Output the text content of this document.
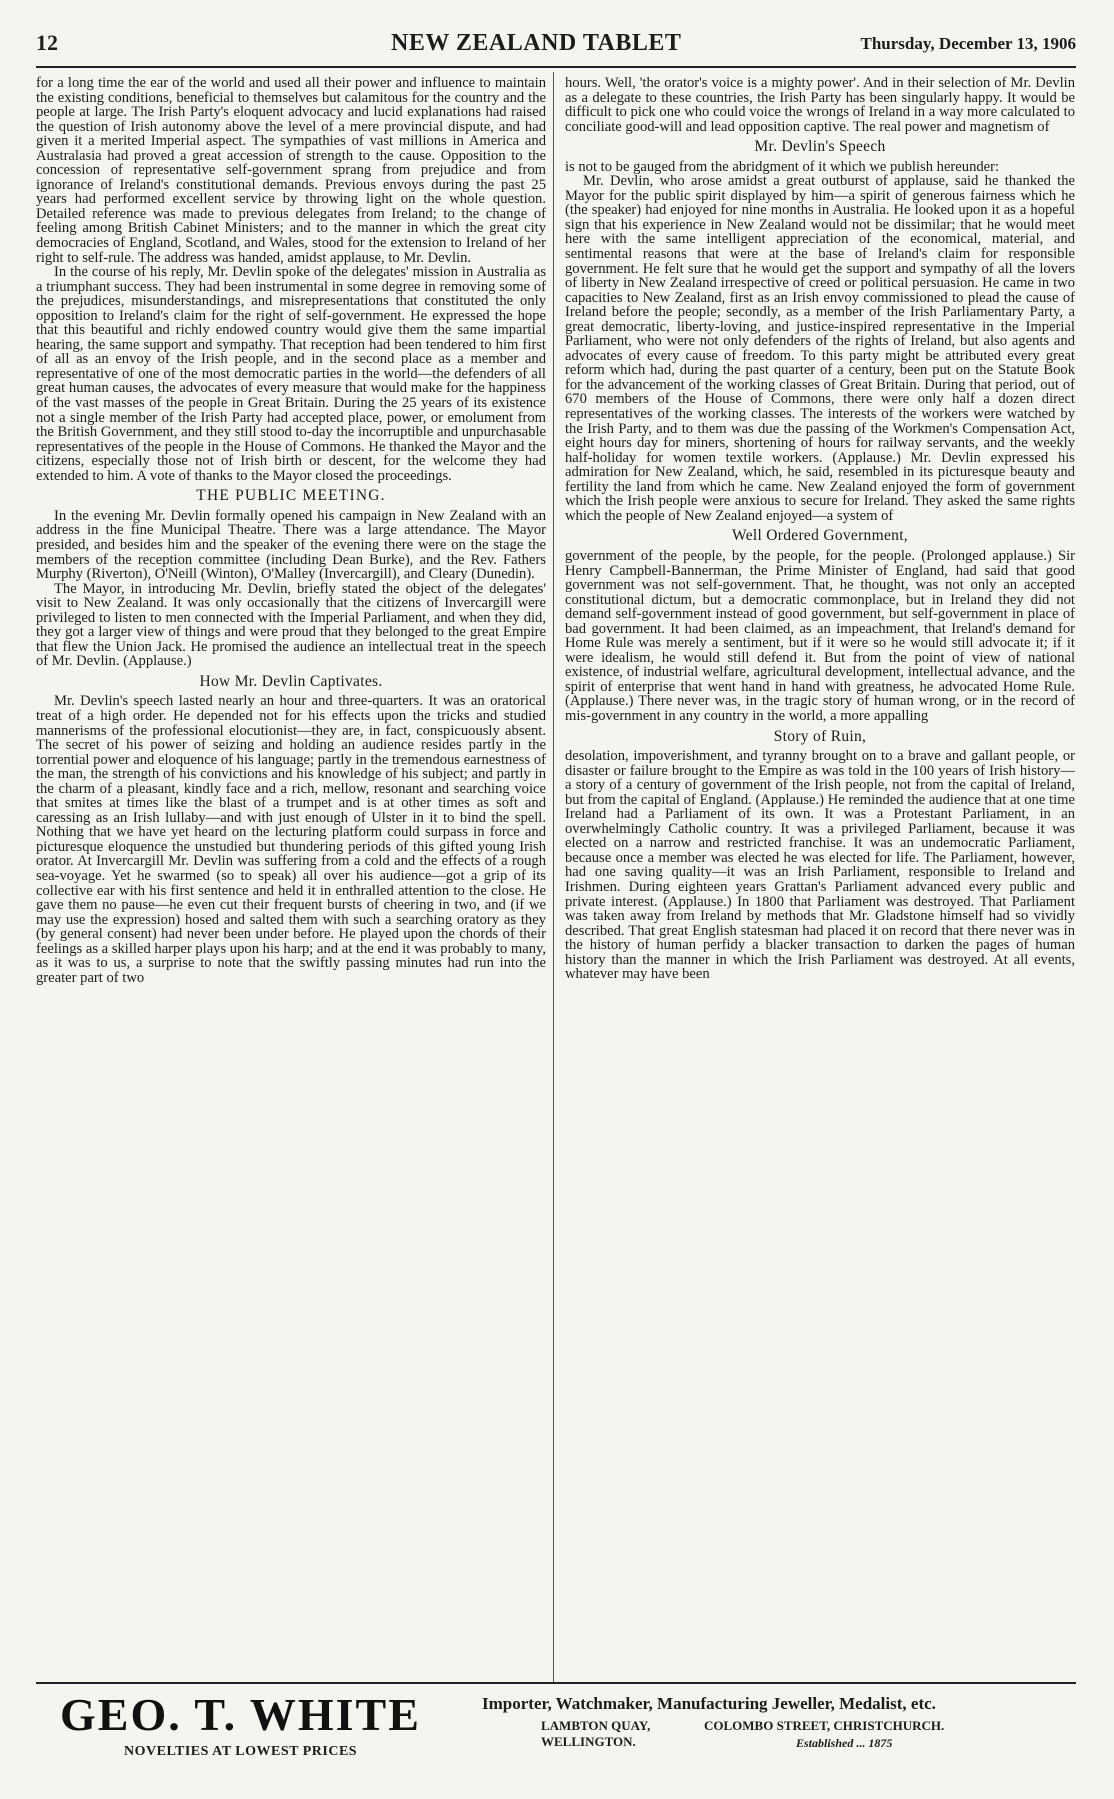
12	NEW ZEALAND TABLET	Thursday, December 13, 1906

for a long time the ear of the world and used all their power and influence to maintain the existing conditions, beneficial to themselves but calamitous for the country and the people at large. The Irish Party's eloquent advocacy and lucid explanations had raised the question of Irish autonomy above the level of a mere provincial dispute, and had given it a merited Imperial aspect. The sympathies of vast millions in America and Australasia had proved a great accession of strength to the cause. Opposition to the concession of representative self-government sprang from prejudice and from ignorance of Ireland's constitutional demands. Previous envoys during the past 25 years had performed excellent service by throwing light on the whole question. Detailed reference was made to previous delegates from Ireland; to the change of feeling among British Cabinet Ministers; and to the manner in which the great city democracies of England, Scotland, and Wales, stood for the extension to Ireland of her right to self-rule. The address was handed, amidst applause, to Mr. Devlin.

In the course of his reply, Mr. Devlin spoke of the delegates' mission in Australia as a triumphant success. They had been instrumental in some degree in removing some of the prejudices, misunderstandings, and misrepresentations that constituted the only opposition to Ireland's claim for the right of self-government. He expressed the hope that this beautiful and richly endowed country would give them the same impartial hearing, the same support and sympathy. That reception had been tendered to him first of all as an envoy of the Irish people, and in the second place as a member and representative of one of the most democratic parties in the world—the defenders of all great human causes, the advocates of every measure that would make for the happiness of the vast masses of the people in Great Britain. During the 25 years of its existence not a single member of the Irish Party had accepted place, power, or emolument from the British Government, and they still stood to-day the incorruptible and unpurchasable representatives of the people in the House of Commons. He thanked the Mayor and the citizens, especially those not of Irish birth or descent, for the welcome they had extended to him. A vote of thanks to the Mayor closed the proceedings.

THE PUBLIC MEETING.

In the evening Mr. Devlin formally opened his campaign in New Zealand with an address in the fine Municipal Theatre. There was a large attendance. The Mayor presided, and besides him and the speaker of the evening there were on the stage the members of the reception committee (including Dean Burke), and the Rev. Fathers Murphy (Riverton), O'Neill (Winton), O'Malley (Invercargill), and Cleary (Dunedin).

The Mayor, in introducing Mr. Devlin, briefly stated the object of the delegates' visit to New Zealand. It was only occasionally that the citizens of Invercargill were privileged to listen to men connected with the Imperial Parliament, and when they did, they got a larger view of things and were proud that they belonged to the great Empire that flew the Union Jack. He promised the audience an intellectual treat in the speech of Mr. Devlin. (Applause.)

How Mr. Devlin Captivates.

Mr. Devlin's speech lasted nearly an hour and three-quarters. It was an oratorical treat of a high order. He depended not for his effects upon the tricks and studied mannerisms of the professional elocutionist—they are, in fact, conspicuously absent. The secret of his power of seizing and holding an audience resides partly in the torrential power and eloquence of his language; partly in the tremendous earnestness of the man, the strength of his convictions and his knowledge of his subject; and partly in the charm of a pleasant, kindly face and a rich, mellow, resonant and searching voice that smites at times like the blast of a trumpet and is at other times as soft and caressing as an Irish lullaby—and with just enough of Ulster in it to bind the spell. Nothing that we have yet heard on the lecturing platform could surpass in force and picturesque eloquence the unstudied but thundering periods of this gifted young Irish orator. At Invercargill Mr. Devlin was suffering from a cold and the effects of a rough sea-voyage. Yet he swarmed (so to speak) all over his audience—got a grip of its collective ear with his first sentence and held it in enthralled attention to the close. He gave them no pause—he even cut their frequent bursts of cheering in two, and (if we may use the expression) hosed and salted them with such a searching oratory as they (by general consent) had never been under before. He played upon the chords of their feelings as a skilled harper plays upon his harp; and at the end it was probably to many, as it was to us, a surprise to note that the swiftly passing minutes had run into the greater part of two

hours. Well, 'the orator's voice is a mighty power'. And in their selection of Mr. Devlin as a delegate to these countries, the Irish Party has been singularly happy. It would be difficult to pick one who could voice the wrongs of Ireland in a way more calculated to conciliate good-will and lead opposition captive. The real power and magnetism of

Mr. Devlin's Speech

is not to be gauged from the abridgment of it which we publish hereunder:

Mr. Devlin, who arose amidst a great outburst of applause, said he thanked the Mayor for the public spirit displayed by him—a spirit of generous fairness which he (the speaker) had enjoyed for nine months in Australia. He looked upon it as a hopeful sign that his experience in New Zealand would not be dissimilar; that he would meet here with the same intelligent appreciation of the economical, material, and sentimental reasons that were at the base of Ireland's claim for responsible government. He felt sure that he would get the support and sympathy of all the lovers of liberty in New Zealand irrespective of creed or political persuasion. He came in two capacities to New Zealand, first as an Irish envoy commissioned to plead the cause of Ireland before the people; secondly, as a member of the Irish Parliamentary Party, a great democratic, liberty-loving, and justice-inspired representative in the Imperial Parliament, who were not only defenders of the rights of Ireland, but also agents and advocates of every cause of freedom. To this party might be attributed every great reform which had, during the past quarter of a century, been put on the Statute Book for the advancement of the working classes of Great Britain. During that period, out of 670 members of the House of Commons, there were only half a dozen direct representatives of the working classes. The interests of the workers were watched by the Irish Party, and to them was due the passing of the Workmen's Compensation Act, eight hours day for miners, shortening of hours for railway servants, and the weekly half-holiday for women textile workers. (Applause.) Mr. Devlin expressed his admiration for New Zealand, which, he said, resembled in its picturesque beauty and fertility the land from which he came. New Zealand enjoyed the form of government which the Irish people were anxious to secure for Ireland. They asked the same rights which the people of New Zealand enjoyed—a system of

Well Ordered Government,

government of the people, by the people, for the people. (Prolonged applause.) Sir Henry Campbell-Bannerman, the Prime Minister of England, had said that good government was not self-government. That, he thought, was not only an accepted constitutional dictum, but a democratic commonplace, but in Ireland they did not demand self-government instead of good government, but self-government in place of bad government. It had been claimed, as an impeachment, that Ireland's demand for Home Rule was merely a sentiment, but if it were so he would still advocate it; if it were idealism, he would still defend it. But from the point of view of national existence, of industrial welfare, agricultural development, intellectual advance, and the spirit of enterprise that went hand in hand with greatness, he advocated Home Rule. (Applause.) There never was, in the tragic story of human wrong, or in the record of mis-government in any country in the world, a more appalling

Story of Ruin,

desolation, impoverishment, and tyranny brought on to a brave and gallant people, or disaster or failure brought to the Empire as was told in the 100 years of Irish history—a story of a century of government of the Irish people, not from the capital of Ireland, but from the capital of England. (Applause.) He reminded the audience that at one time Ireland had a Parliament of its own. It was a Protestant Parliament, in an overwhelmingly Catholic country. It was a privileged Parliament, because it was elected on a narrow and restricted franchise. It was an undemocratic Parliament, because once a member was elected he was elected for life. The Parliament, however, had one saving quality—it was an Irish Parliament, responsible to Ireland and Irishmen. During eighteen years Grattan's Parliament advanced every public and private interest. (Applause.) In 1800 that Parliament was destroyed. That Parliament was taken away from Ireland by methods that Mr. Gladstone himself had so vividly described. That great English statesman had placed it on record that there never was in the history of human perfidy a blacker transaction to darken the pages of human history than the manner in which the Irish Parliament was destroyed. At all events, whatever may have been

GEO. T. WHITE
NOVELTIES AT LOWEST PRICES
Importer, Watchmaker, Manufacturing Jeweller, Medalist, etc.
LAMBTON QUAY,	COLOMBO STREET, CHRISTCHURCH.
WELLINGTON.	Established ... 1875
